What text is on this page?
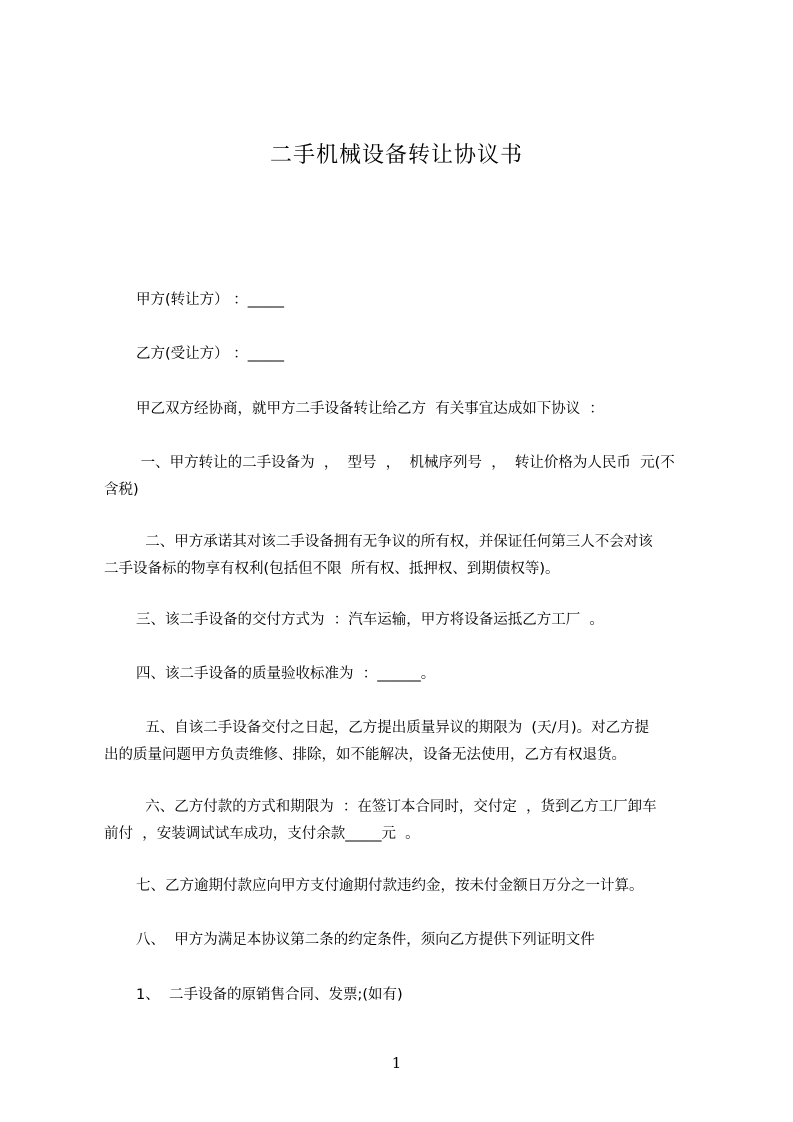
二手机械设备转让协议书
甲方(转让方） ：_____
乙方(受让方） ：_____
甲乙双方经协商，就甲方二手设备转让给乙方  有关事宜达成如下协议  ：
一、甲方转让的二手设备为  ，  型号  ，  机械序列号  ，  转让价格为人民币  元(不
含税)
二、甲方承诺其对该二手设备拥有无争议的所有权，并保证任何第三人不会对该
二手设备标的物享有权利(包括但不限  所有权、抵押权、到期债权等)。
三、该二手设备的交付方式为  ：汽车运输，甲方将设备运抵乙方工厂  。
四、该二手设备的质量验收标准为  ：______。
五、自该二手设备交付之日起，乙方提出质量异议的期限为  (天/月)。对乙方提
出的质量问题甲方负责维修、排除，如不能解决，设备无法使用，乙方有权退货。
六、乙方付款的方式和期限为  ：在签订本合同时，交付定  ，货到乙方工厂卸车
前付  ，安装调试试车成功，支付余款_____元  。
七、乙方逾期付款应向甲方支付逾期付款违约金，按未付金额日万分之一计算。
八、  甲方为满足本协议第二条的约定条件，须向乙方提供下列证明文件
1、  二手设备的原销售合同、发票;(如有)
1
